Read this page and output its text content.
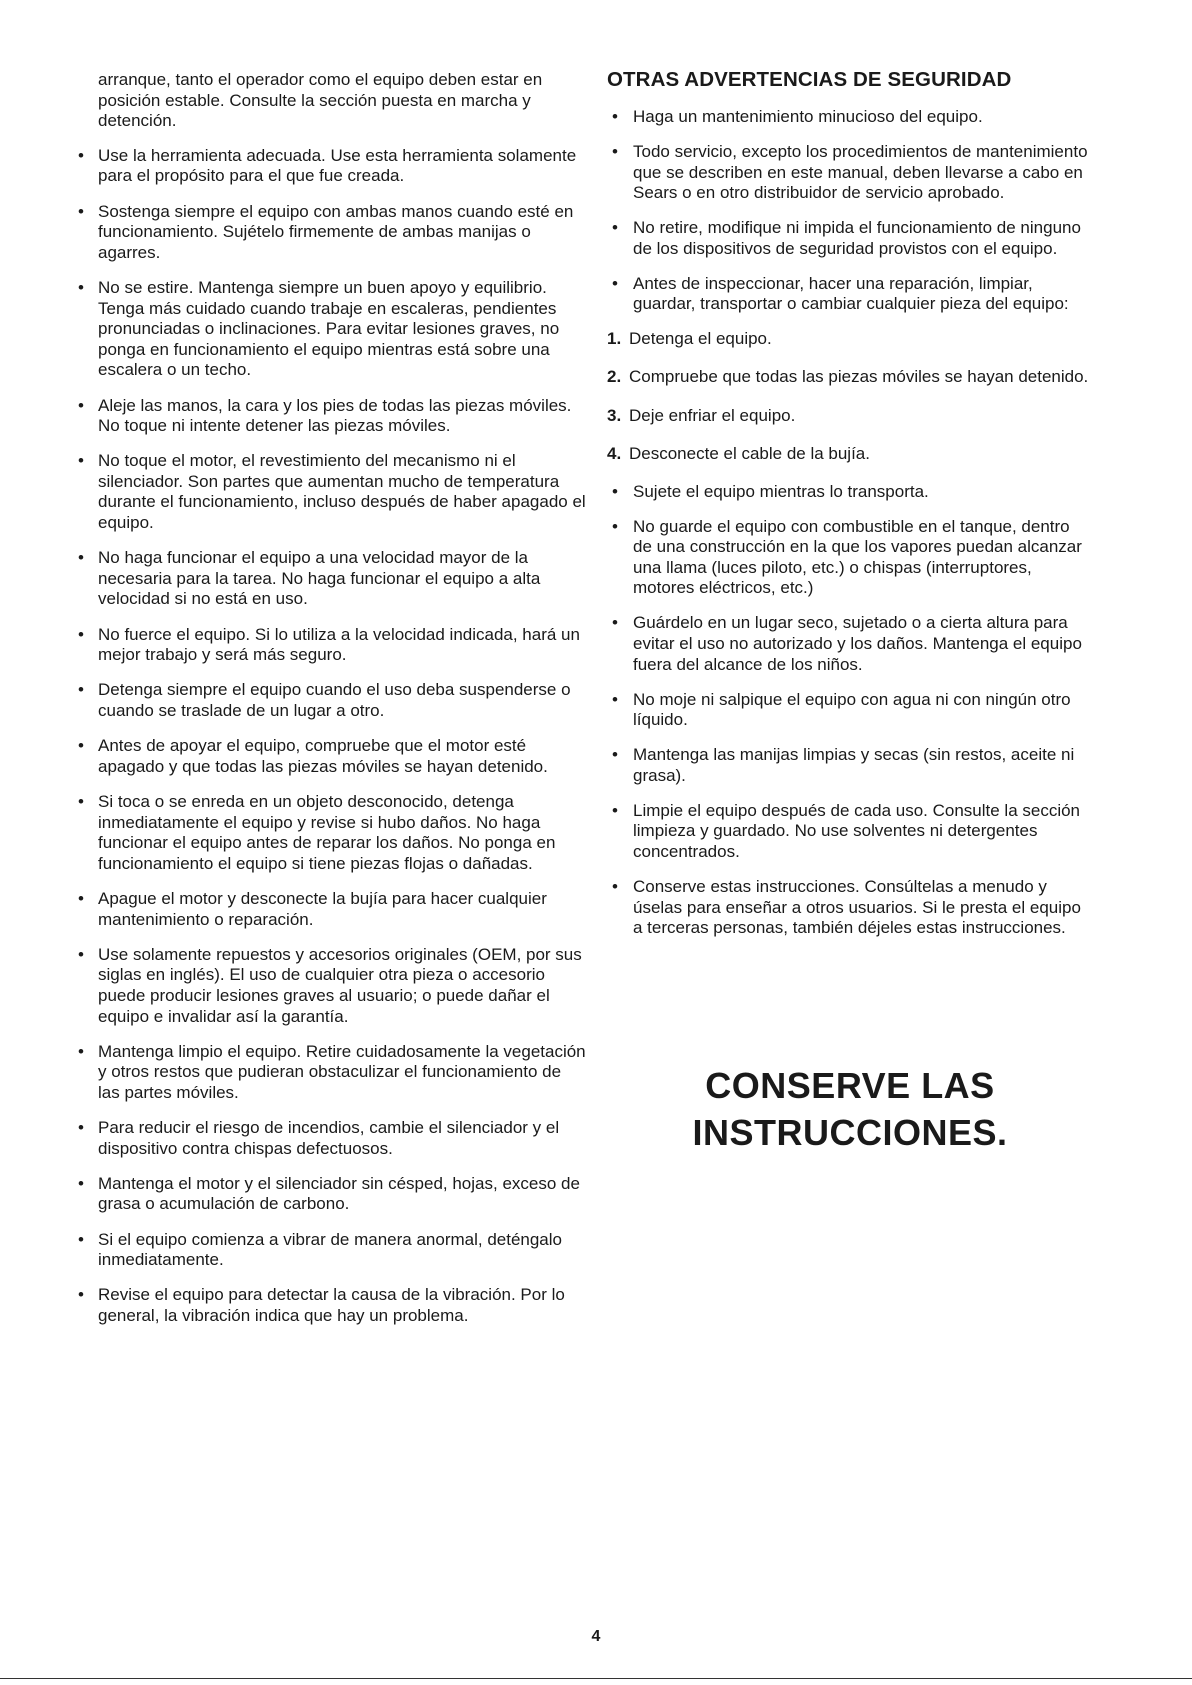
arranque, tanto el operador como el equipo deben estar en posición estable. Consulte la sección puesta en marcha y detención.
• Use la herramienta adecuada. Use esta herramienta solamente para el propósito para el que fue creada.
• Sostenga siempre el equipo con ambas manos cuando esté en funcionamiento. Sujételo firmemente de ambas manijas o agarres.
• No se estire. Mantenga siempre un buen apoyo y equilibrio. Tenga más cuidado cuando trabaje en escaleras, pendientes pronunciadas o inclinaciones. Para evitar lesiones graves, no ponga en funcionamiento el equipo mientras está sobre una escalera o un techo.
• Aleje las manos, la cara y los pies de todas las piezas móviles. No toque ni intente detener las piezas móviles.
• No toque el motor, el revestimiento del mecanismo ni el silenciador. Son partes que aumentan mucho de temperatura durante el funcionamiento, incluso después de haber apagado el equipo.
• No haga funcionar el equipo a una velocidad mayor de la necesaria para la tarea. No haga funcionar el equipo a alta velocidad si no está en uso.
• No fuerce el equipo. Si lo utiliza a la velocidad indicada, hará un mejor trabajo y será más seguro.
• Detenga siempre el equipo cuando el uso deba suspenderse o cuando se traslade de un lugar a otro.
• Antes de apoyar el equipo, compruebe que el motor esté apagado y que todas las piezas móviles se hayan detenido.
• Si toca o se enreda en un objeto desconocido, detenga inmediatamente el equipo y revise si hubo daños. No haga funcionar el equipo antes de reparar los daños. No ponga en funcionamiento el equipo si tiene piezas flojas o dañadas.
• Apague el motor y desconecte la bujía para hacer cualquier mantenimiento o reparación.
• Use solamente repuestos y accesorios originales (OEM, por sus siglas en inglés). El uso de cualquier otra pieza o accesorio puede producir lesiones graves al usuario; o puede dañar el equipo e invalidar así la garantía.
• Mantenga limpio el equipo. Retire cuidadosamente la vegetación y otros restos que pudieran obstaculizar el funcionamiento de las partes móviles.
• Para reducir el riesgo de incendios, cambie el silenciador y el dispositivo contra chispas defectuosos.
• Mantenga el motor y el silenciador sin césped, hojas, exceso de grasa o acumulación de carbono.
• Si el equipo comienza a vibrar de manera anormal, deténgalo inmediatamente.
• Revise el equipo para detectar la causa de la vibración. Por lo general, la vibración indica que hay un problema.
OTRAS ADVERTENCIAS DE SEGURIDAD
• Haga un mantenimiento minucioso del equipo.
• Todo servicio, excepto los procedimientos de mantenimiento que se describen en este manual, deben llevarse a cabo en Sears o en otro distribuidor de servicio aprobado.
• No retire, modifique ni impida el funcionamiento de ninguno de los dispositivos de seguridad provistos con el equipo.
• Antes de inspeccionar, hacer una reparación, limpiar, guardar, transportar o cambiar cualquier pieza del equipo:
1. Detenga el equipo.
2. Compruebe que todas las piezas móviles se hayan detenido.
3. Deje enfriar el equipo.
4. Desconecte el cable de la bujía.
• Sujete el equipo mientras lo transporta.
• No guarde el equipo con combustible en el tanque, dentro de una construcción en la que los vapores puedan alcanzar una llama (luces piloto, etc.) o chispas (interruptores, motores eléctricos, etc.)
• Guárdelo en un lugar seco, sujetado o a cierta altura para evitar el uso no autorizado y los daños. Mantenga el equipo fuera del alcance de los niños.
• No moje ni salpique el equipo con agua ni con ningún otro líquido.
• Mantenga las manijas limpias y secas (sin restos, aceite ni grasa).
• Limpie el equipo después de cada uso. Consulte la sección limpieza y guardado. No use solventes ni detergentes concentrados.
• Conserve estas instrucciones. Consúltelas a menudo y úselas para enseñar a otros usuarios. Si le presta el equipo a terceras personas, también déjeles estas instrucciones.
CONSERVE LAS
INSTRUCCIONES.
4
